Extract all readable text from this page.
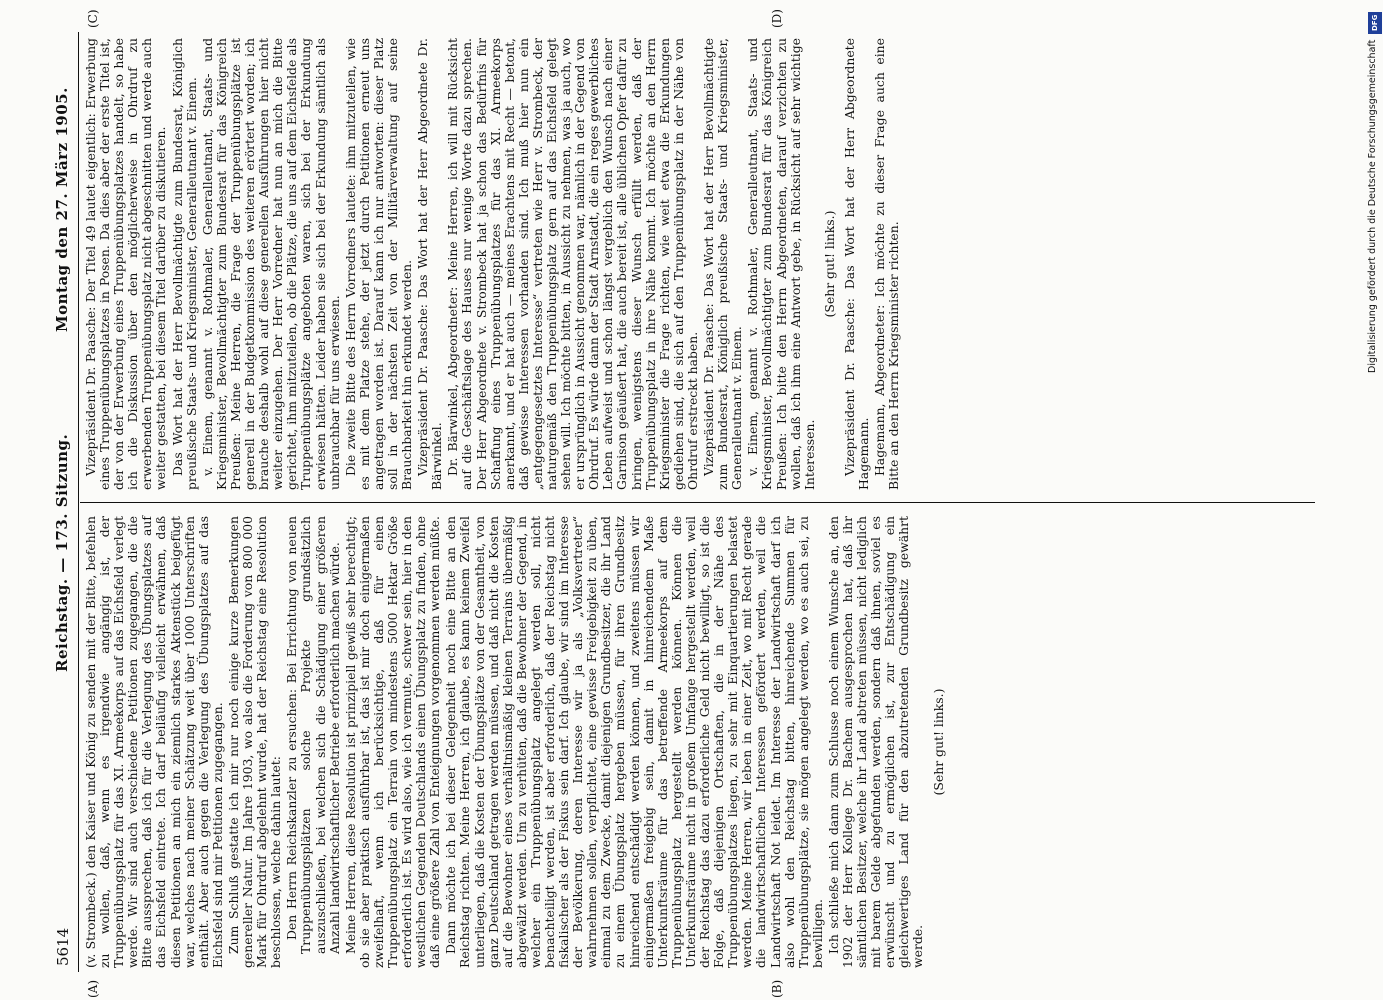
5614
Reichstag. — 173. Sitzung.
Montag den 27. März 1905.
(A)	(B)
(C)	(D)

(v. Strombeck.) den Kaiser und König zu senden mit der Bitte, befehlen zu wollen, daß, wenn es irgendwie angängig ist, der Truppenübungsplatz für das XI. Armeekorps auf das Eichsfeld verlegt werde. Wir sind auch verschiedene Petitionen zugegangen, die die Bitte aussprechen, daß ich für die Verlegung des Übungsplatzes auf das Eichsfeld eintrete. Ich darf beiläufig vielleicht erwähnen, daß diesen Petitionen an mich ein ziemlich starkes Aktenstück beigefügt war, welches nach meiner Schätzung weit über 1000 Unterschriften enthält. Aber auch gegen die Verlegung des Übungsplatzes auf das Eichsfeld sind mir Petitionen zugegangen. Zum Schluß gestatte ich mir nur noch einige kurze Bemerkungen genereller Natur. Im Jahre 1903, wo also die Forderung von 800 000 Mark für Ohrdruf abgelehnt wurde, hat der Reichstag eine Resolution beschlossen, welche dahin lautet: Den Herrn Reichskanzler zu ersuchen: Bei Errichtung von neuen Truppenübungsplätzen solche Projekte grundsätzlich auszuschließen, bei welchen sich die Schädigung einer größeren Anzahl landwirtschaftlicher Betriebe erforderlich machen würde. Meine Herren, diese Resolution ist prinzipiell gewiß sehr berechtigt; ob sie aber praktisch ausführbar ist, das ist mir doch einigermaßen zweifelhaft, wenn ich berücksichtige, daß für einen Truppenübungsplatz ein Terrain von mindestens 5000 Hektar Größe erforderlich ist. Es wird also, wie ich vermute, schwer sein, hier in den westlichen Gegenden Deutschlands einen Übungsplatz zu finden, ohne daß eine größere Zahl von Enteignungen vorgenommen werden müßte. Dann möchte ich bei dieser Gelegenheit noch eine Bitte an den Reichstag richten. Meine Herren, ich glaube, es kann keinem Zweifel unterliegen, daß die Kosten der Übungsplätze von der Gesamtheit, von ganz Deutschland getragen werden müssen, und daß nicht die Kosten auf die Bewohner eines verhältnismäßig kleinen Terrains übermäßig abgewälzt werden. Um zu verhüten, daß die Bewohner der Gegend, in welcher ein Truppenübungsplatz angelegt werden soll, nicht benachteiligt werden, ist aber erforderlich, daß der Reichstag nicht fiskalischer als der Fiskus sein darf. Ich glaube, wir sind im Interesse der Bevölkerung, deren Interesse wir ja als „Volksvertreter“ wahrnehmen sollen, verpflichtet, eine gewisse Freigebigkeit zu üben, einmal zu dem Zwecke, damit diejenigen Grundbesitzer, die ihr Land zu einem Übungsplatz hergeben müssen, für ihren Grundbesitz hinreichend entschädigt werden können, und zweitens müssen wir einigermaßen freigebig sein, damit in hinreichendem Maße Unterkunftsräume für das betreffende Armeekorps auf dem Truppenübungsplatz hergestellt werden können. Können die Unterkunftsräume nicht in großem Umfange hergestellt werden, weil der Reichstag das dazu erforderliche Geld nicht bewilligt, so ist die Folge, daß diejenigen Ortschaften, die in der Nähe des Truppenübungsplatzes liegen, zu sehr mit Einquartierungen belastet werden. Meine Herren, wir leben in einer Zeit, wo mit Recht gerade die landwirtschaftlichen Interessen gefördert werden, weil die Landwirtschaft Not leidet. Im Interesse der Landwirtschaft darf ich also wohl den Reichstag bitten, hinreichende Summen für Truppenübungsplätze, sie mögen angelegt werden, wo es auch sei, zu bewilligen. Ich schließe mich dann zum Schlusse noch einem Wunsche an, den 1902 der Herr Kollege Dr. Bachem ausgesprochen hat, daß ihr sämtlichen Besitzer, welche ihr Land abtreten müssen, nicht lediglich mit barem Gelde abgefunden werden, sondern daß ihnen, soviel es erwünscht und zu ermöglichen ist, zur Entschädigung ein gleichwertiges Land für den abzutretenden Grundbesitz gewährt werde.

(Sehr gut! links.)

Vizepräsident Dr. Paasche: Der Titel 49 lautet eigentlich: Erwerbung eines Truppenübungsplatzes in Posen. Da dies aber der erste Titel ist, der von der Erwerbung eines Truppenübungsplatzes handelt, so habe ich die Diskussion über den möglicherweise in Ohrdruf zu erwerbenden Truppenübungsplatz nicht abgeschnitten und werde auch weiter gestatten, bei diesem Titel darüber zu diskutieren. Das Wort hat der Herr Bevollmächtigte zum Bundesrat, Königlich preußische Staats- und Kriegsminister, Generalleutnant v. Einem. v. Einem, genannt v. Rothmaler, Generalleutnant, Staats- und Kriegsminister, Bevollmächtigter zum Bundesrat für das Königreich Preußen: Meine Herren, die Frage der Truppenübungsplätze ist generell in der Budgetkommission des weiteren erörtert worden; ich brauche deshalb wohl auf diese generellen Ausführungen hier nicht weiter einzugehen. Der Herr Vorredner hat nun an mich die Bitte gerichtet, ihm mitzuteilen, ob die Plätze, die uns auf dem Eichsfelde als Truppenübungsplätze angeboten waren, sich bei der Erkundung erwiesen hätten. Leider haben sie sich bei der Erkundung sämtlich als unbrauchbar für uns erwiesen. Die zweite Bitte des Herrn Vorredners lautete: ihm mitzuteilen, wie es mit dem Platze stehe, der jetzt durch Petitionen erneut uns angetragen worden ist. Darauf kann ich nur antworten: dieser Platz soll in der nächsten Zeit von der Militärverwaltung auf seine Brauchbarkeit hin erkundet werden. Vizepräsident Dr. Paasche: Das Wort hat der Herr Abgeordnete Dr. Bärwinkel. Dr. Bärwinkel, Abgeordneter: Meine Herren, ich will mit Rücksicht auf die Geschäftslage des Hauses nur wenige Worte dazu sprechen. Der Herr Abgeordnete v. Strombeck hat ja schon das Bedürfnis für Schaffung eines Truppenübungsplatzes für das XI. Armeekorps anerkannt, und er hat auch — meines Erachtens mit Recht — betont, daß gewisse Interessen vorhanden sind. Ich muß hier nun ein „entgegengesetztes Interesse“ vertreten wie Herr v. Strombeck, der naturgemäß den Truppenübungsplatz gern auf das Eichsfeld gelegt sehen will. Ich möchte bitten, in Aussicht zu nehmen, was ja auch, wo er ursprünglich in Aussicht genommen war, nämlich in der Gegend von Ohrdruf. Es würde dann der Stadt Arnstadt, die ein reges gewerbliches Leben aufweist und schon längst vergeblich den Wunsch nach einer Garnison geäußert hat, die auch bereit ist, alle üblichen Opfer dafür zu bringen, wenigstens dieser Wunsch erfüllt werden, daß der Truppenübungsplatz in ihre Nähe kommt. Ich möchte an den Herrn Kriegsminister die Frage richten, wie weit etwa die Erkundungen gediehen sind, die sich auf den Truppenübungsplatz in der Nähe von Ohrdruf erstreckt haben. Vizepräsident Dr. Paasche: Das Wort hat der Herr Bevollmächtigte zum Bundesrat, Königlich preußische Staats- und Kriegsminister, Generalleutnant v. Einem. v. Einem, genannt v. Rothmaler, Generalleutnant, Staats- und Kriegsminister, Bevollmächtigter zum Bundesrat für das Königreich Preußen: Ich bitte den Herrn Abgeordneten, darauf verzichten zu wollen, daß ich ihm eine Antwort gebe, in Rücksicht auf sehr wichtige Interessen.

(Sehr gut! links.) Vizepräsident Dr. Paasche: Das Wort hat der Herr Abgeordnete Hagemann. Hagemann, Abgeordneter: Ich möchte zu dieser Frage auch eine Bitte an den Herrn Kriegsminister richten.

DFG
Digitalisierung gefördert durch die Deutsche Forschungsgemeinschaft
